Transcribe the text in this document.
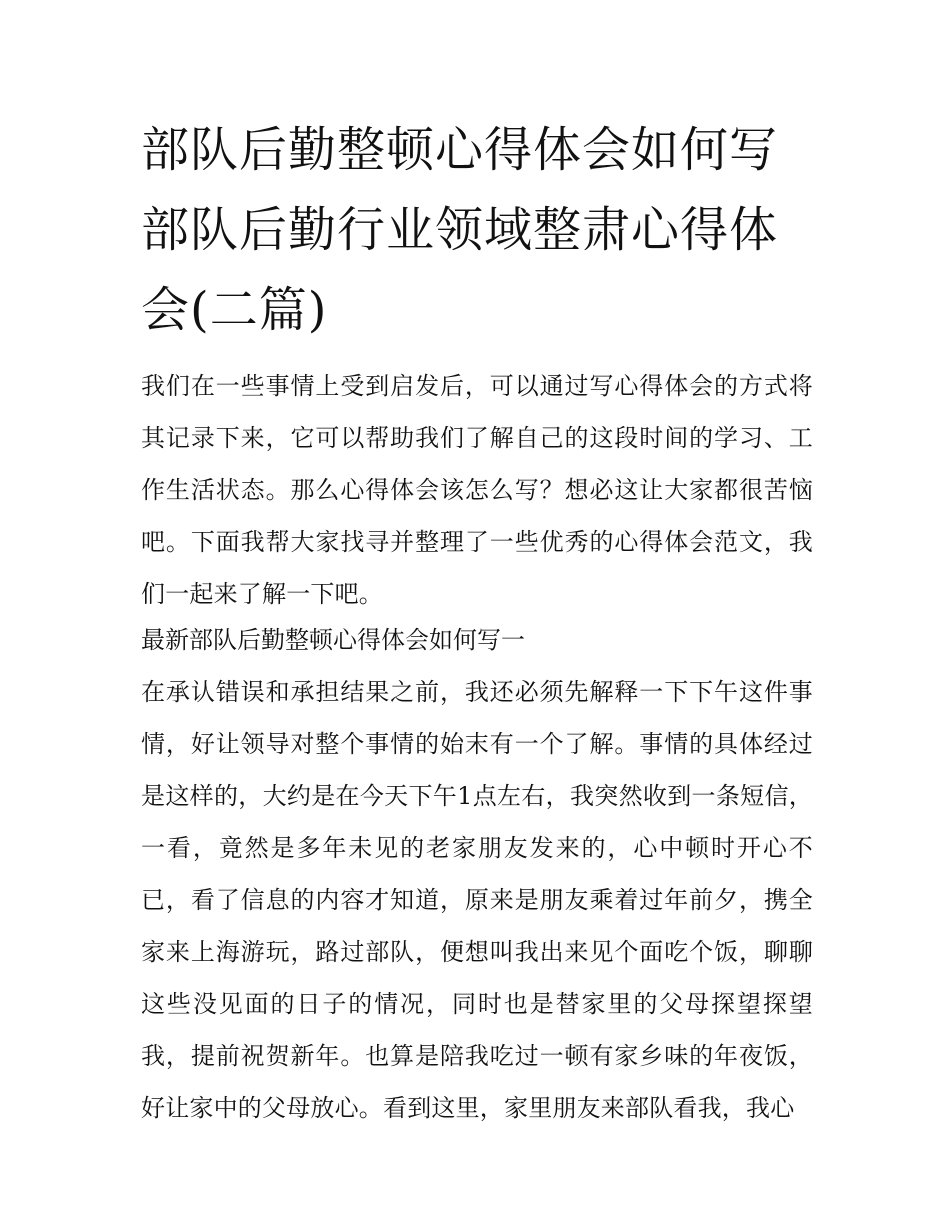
部队后勤整顿心得体会如何写部队后勤行业领域整肃心得体会(二篇)

我们在一些事情上受到启发后，可以通过写心得体会的方式将其记录下来，它可以帮助我们了解自己的这段时间的学习、工作生活状态。那么心得体会该怎么写？想必这让大家都很苦恼吧。下面我帮大家找寻并整理了一些优秀的心得体会范文，我们一起来了解一下吧。

最新部队后勤整顿心得体会如何写一

在承认错误和承担结果之前，我还必须先解释一下下午这件事情，好让领导对整个事情的始末有一个了解。事情的具体经过是这样的，大约是在今天下午1点左右，我突然收到一条短信，一看，竟然是多年未见的老家朋友发来的，心中顿时开心不已，看了信息的内容才知道，原来是朋友乘着过年前夕，携全家来上海游玩，路过部队，便想叫我出来见个面吃个饭，聊聊这些没见面的日子的情况，同时也是替家里的父母探望探望我，提前祝贺新年。也算是陪我吃过一顿有家乡味的年夜饭，好让家中的父母放心。看到这里，家里朋友来部队看我，我心
